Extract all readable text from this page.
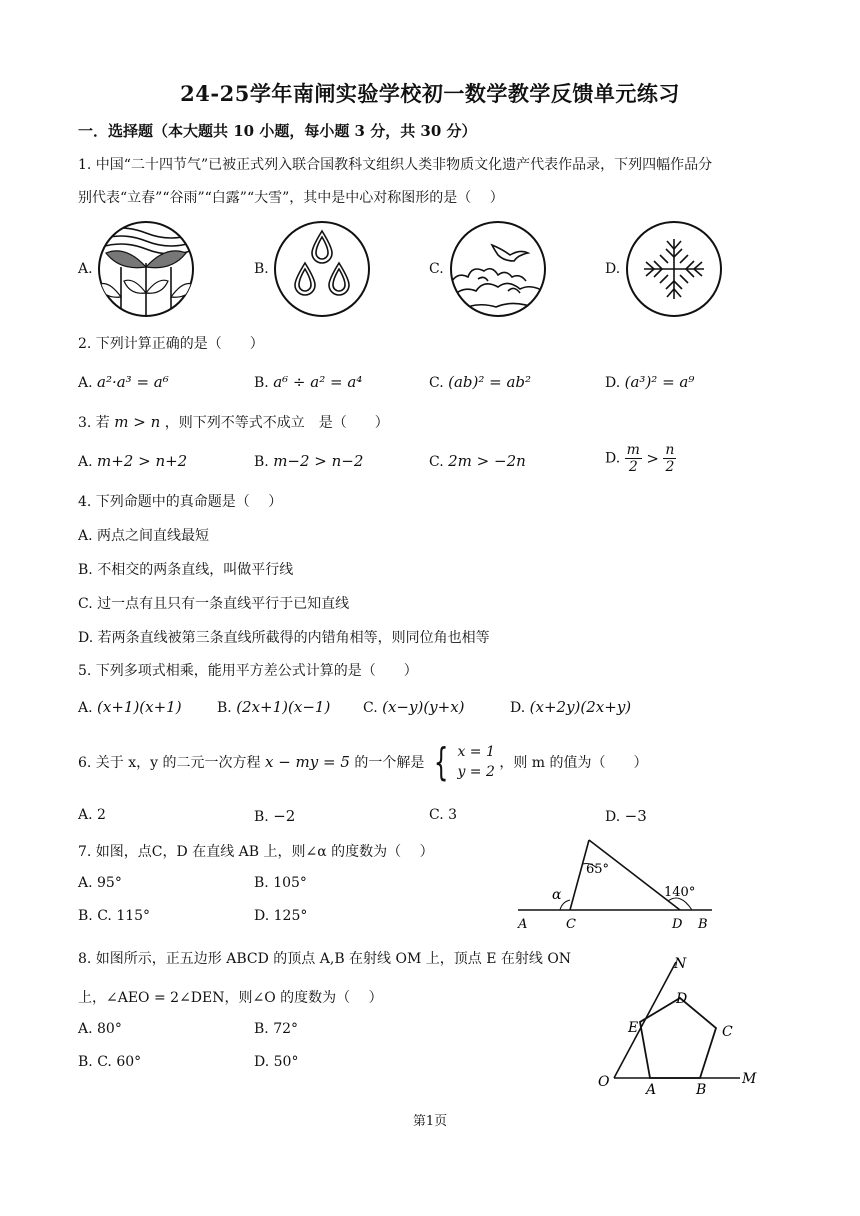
24-25学年南闸实验学校初一数学教学反馈单元练习
一．选择题（本大题共 10 小题，每小题 3 分，共 30 分）
1. 中国“二十四节气”已被正式列入联合国教科文组织人类非物质文化遗产代表作品录，下列四幅作品分
别代表“立春”“谷雨”“白露”“大雪”，其中是中心对称图形的是（　 ）
A.	B.	C.	D.
2. 下列计算正确的是（　　）
A. a²·a³ = a⁶	B. a⁶ ÷ a² = a⁴	C. (ab)² = ab²	D. (a³)² = a⁹
3. 若 m > n ，则下列不等式不成立　是（　　）
A. m+2 > n+2	B. m−2 > n−2	C. 2m > −2n	D. $\frac{m}{2} > \frac{n}{2}$
4. 下列命题中的真命题是（　 ）
A. 两点之间直线最短
B. 不相交的两条直线，叫做平行线
C. 过一点有且只有一条直线平行于已知直线
D. 若两条直线被第三条直线所截得的内错角相等，则同位角也相等
5. 下列多项式相乘，能用平方差公式计算的是（　　）
A. (x+1)(x+1)	B. (2x+1)(x−1) C. (x−y)(y+x)	D. (x+2y)(2x+y)
6. 关于 x，y 的二元一次方程 x − my = 5 的一个解是 { x = 1
y = 2
，则 m 的值为（　　）
A. 2	B. −2	C. 3	D. −3
7. 如图，点C，D 在直线 AB 上，则∠α 的度数为（　 ）
A. 95°	B. 105°
B. C. 115°	D. 125°
65°
140°
α
A	C	D B
8. 如图所示，正五边形 ABCD 的顶点 A,B 在射线 OM 上，顶点 E 在射线 ON
上，∠AEO = 2∠DEN，则∠O 的度数为（　 ）
A. 80°	B. 72°
B. C. 60°	D. 50°
N
D
C
E
O	A	B
M
第1页
